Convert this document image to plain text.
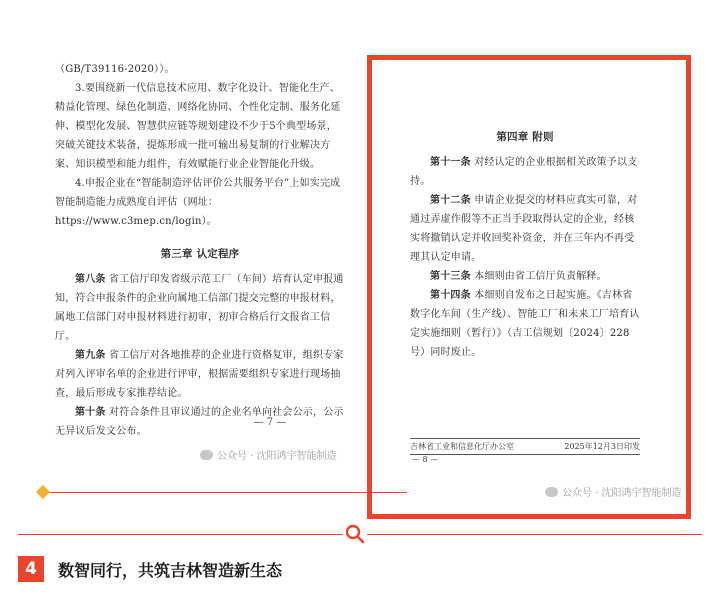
（GB/T39116-2020））。

3.要围绕新一代信息技术应用、数字化设计、智能化生产、精益化管理、绿色化制造、网络化协同、个性化定制、服务化延伸、模型化发展、智慧供应链等规划建设不少于5个典型场景，突破关键技术装备，提炼形成一批可输出易复制的行业解决方案、知识模型和能力组件，有效赋能行业企业智能化升级。

4.申报企业在“智能制造评估评价公共服务平台”上如实完成智能制造能力成熟度自评估（网址：

https://www.c3mep.cn/login）。

第三章 认定程序

第八条 省工信厅印发省级示范工厂（车间）培育认定申报通知，符合申报条件的企业向属地工信部门提交完整的申报材料，属地工信部门对申报材料进行初审，初审合格后行文报省工信厅。

第九条 省工信厅对各地推荐的企业进行资格复审，组织专家对列入评审名单的企业进行评审，根据需要组织专家进行现场抽查，最后形成专家推荐结论。

第十条 对符合条件且审议通过的企业名单向社会公示，公示无异议后发文公布。

— 7 —
公众号 · 沈阳鸿宇智能制造

第四章 附则

第十一条 对经认定的企业根据相关政策予以支持。

第十二条 申请企业提交的材料应真实可靠，对通过弄虚作假等不正当手段取得认定的企业，经核实将撤销认定并收回奖补资金，并在三年内不再受理其认定申请。

第十三条 本细则由省工信厅负责解释。

第十四条 本细则自发布之日起实施。《吉林省数字化车间（生产线）、智能工厂和未来工厂培育认定实施细则（暂行）》（吉工信规划〔2024〕228号）同时废止。

吉林省工业和信息化厅办公室	2025年12月3日印发
— 8 —
公众号 · 沈阳鸿宇智能制造
4	数智同行，共筑吉林智造新生态
